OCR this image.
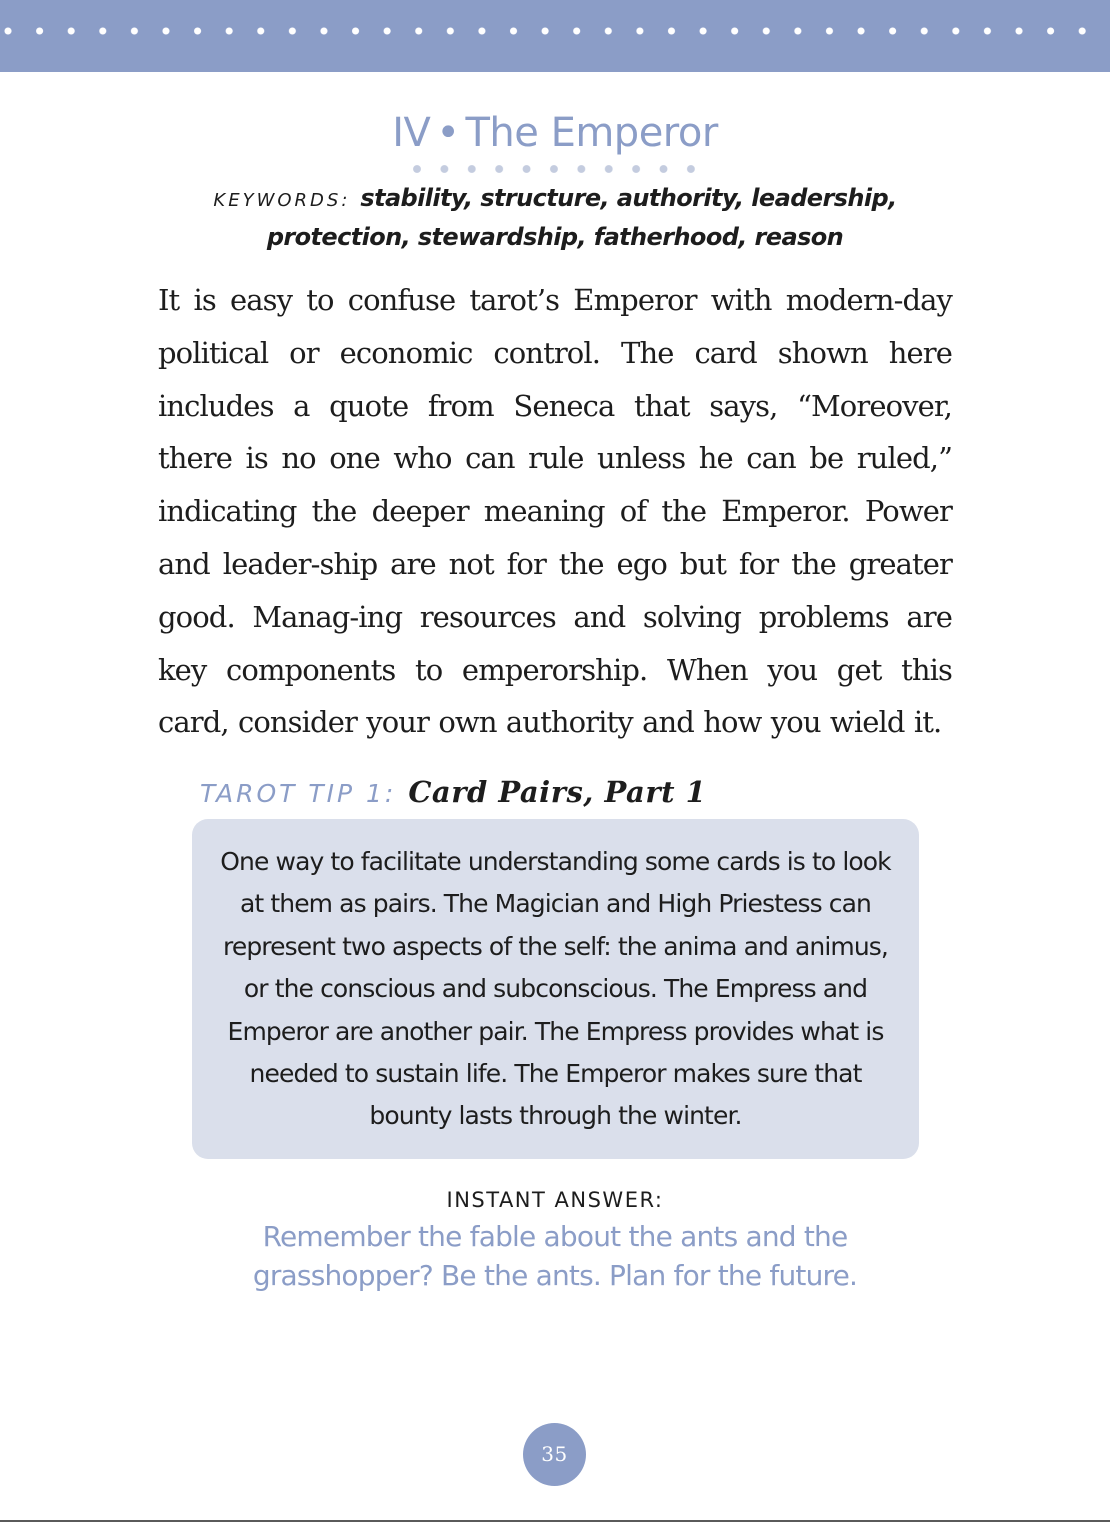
IV • The Emperor
KEYWORDS: stability, structure, authority, leadership, protection, stewardship, fatherhood, reason

It is easy to confuse tarot’s Emperor with modern-day political or economic control. The card shown here includes a quote from Seneca that says, “Moreover, there is no one who can rule unless he can be ruled,” indicating the deeper meaning of the Emperor. Power and leader-ship are not for the ego but for the greater good. Manag-ing resources and solving problems are key components to emperorship. When you get this card, consider your own authority and how you wield it.

TAROT TIP 1: Card Pairs, Part 1

One way to facilitate understanding some cards is to look at them as pairs. The Magician and High Priestess can represent two aspects of the self: the anima and animus, or the conscious and subconscious. The Empress and Emperor are another pair. The Empress provides what is needed to sustain life. The Emperor makes sure that bounty lasts through the winter.

INSTANT ANSWER:

Remember the fable about the ants and the grasshopper? Be the ants. Plan for the future.

35
